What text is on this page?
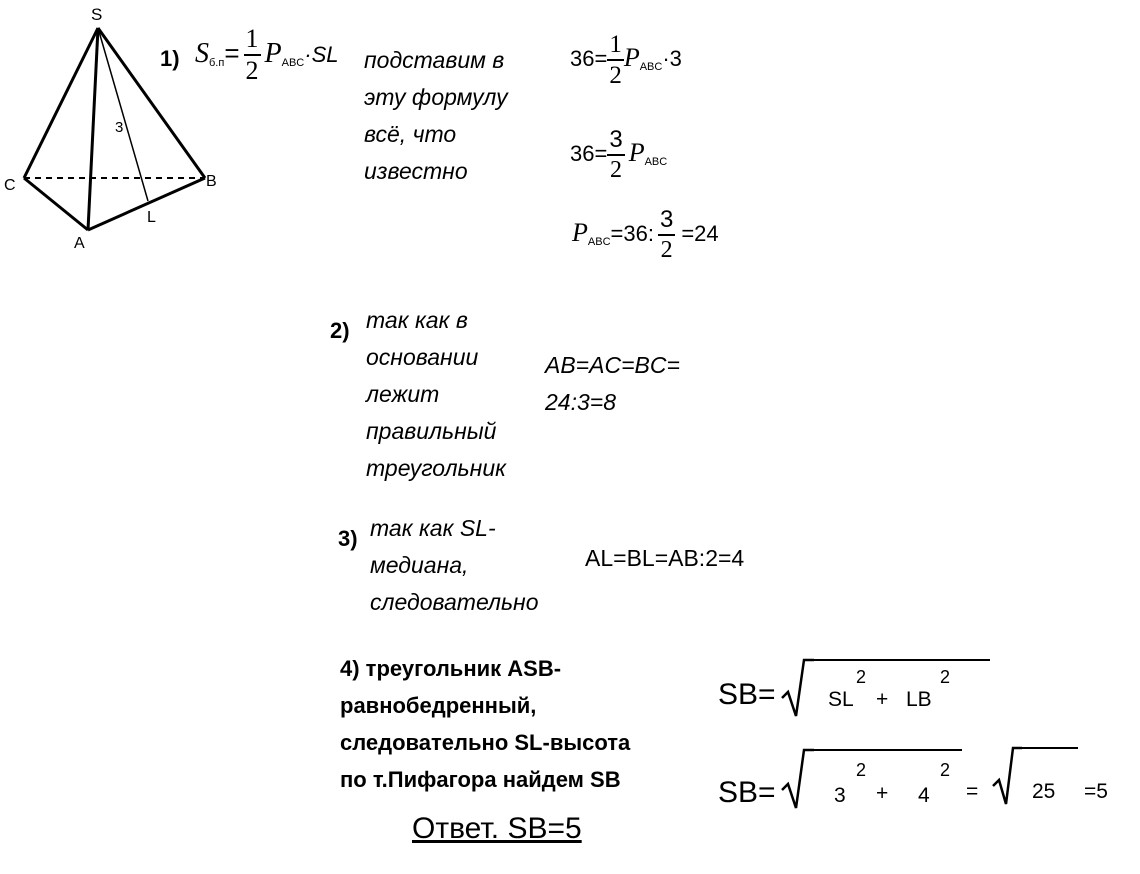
S
C	B
A
L
3
1) $S_{б.п}= \frac{1}{2} P_{ABC}\cdot SL$ подставим в
эту формулу
всё, что
известно
$36= \frac{1}{2} P_{ABC}\cdot 3$
$36= \frac{3}{2} P_{ABC}$
$P_{ABC}=36$: $\frac{3}{2} =24$
2) так как в
основании
лежит
правильный
треугольник
AB=AC=BC=
24:3=8
3) так как SL-
медиана,
следовательно
AL=BL=AB:2=4
4) треугольник ASB-
равнобедренный,
следовательно SL-высота
по т.Пифагора найдем SB
SB= SL
2
+ LB
2
SB=	3
2
+ 4
2
=	25 =5
Ответ. SB=5
